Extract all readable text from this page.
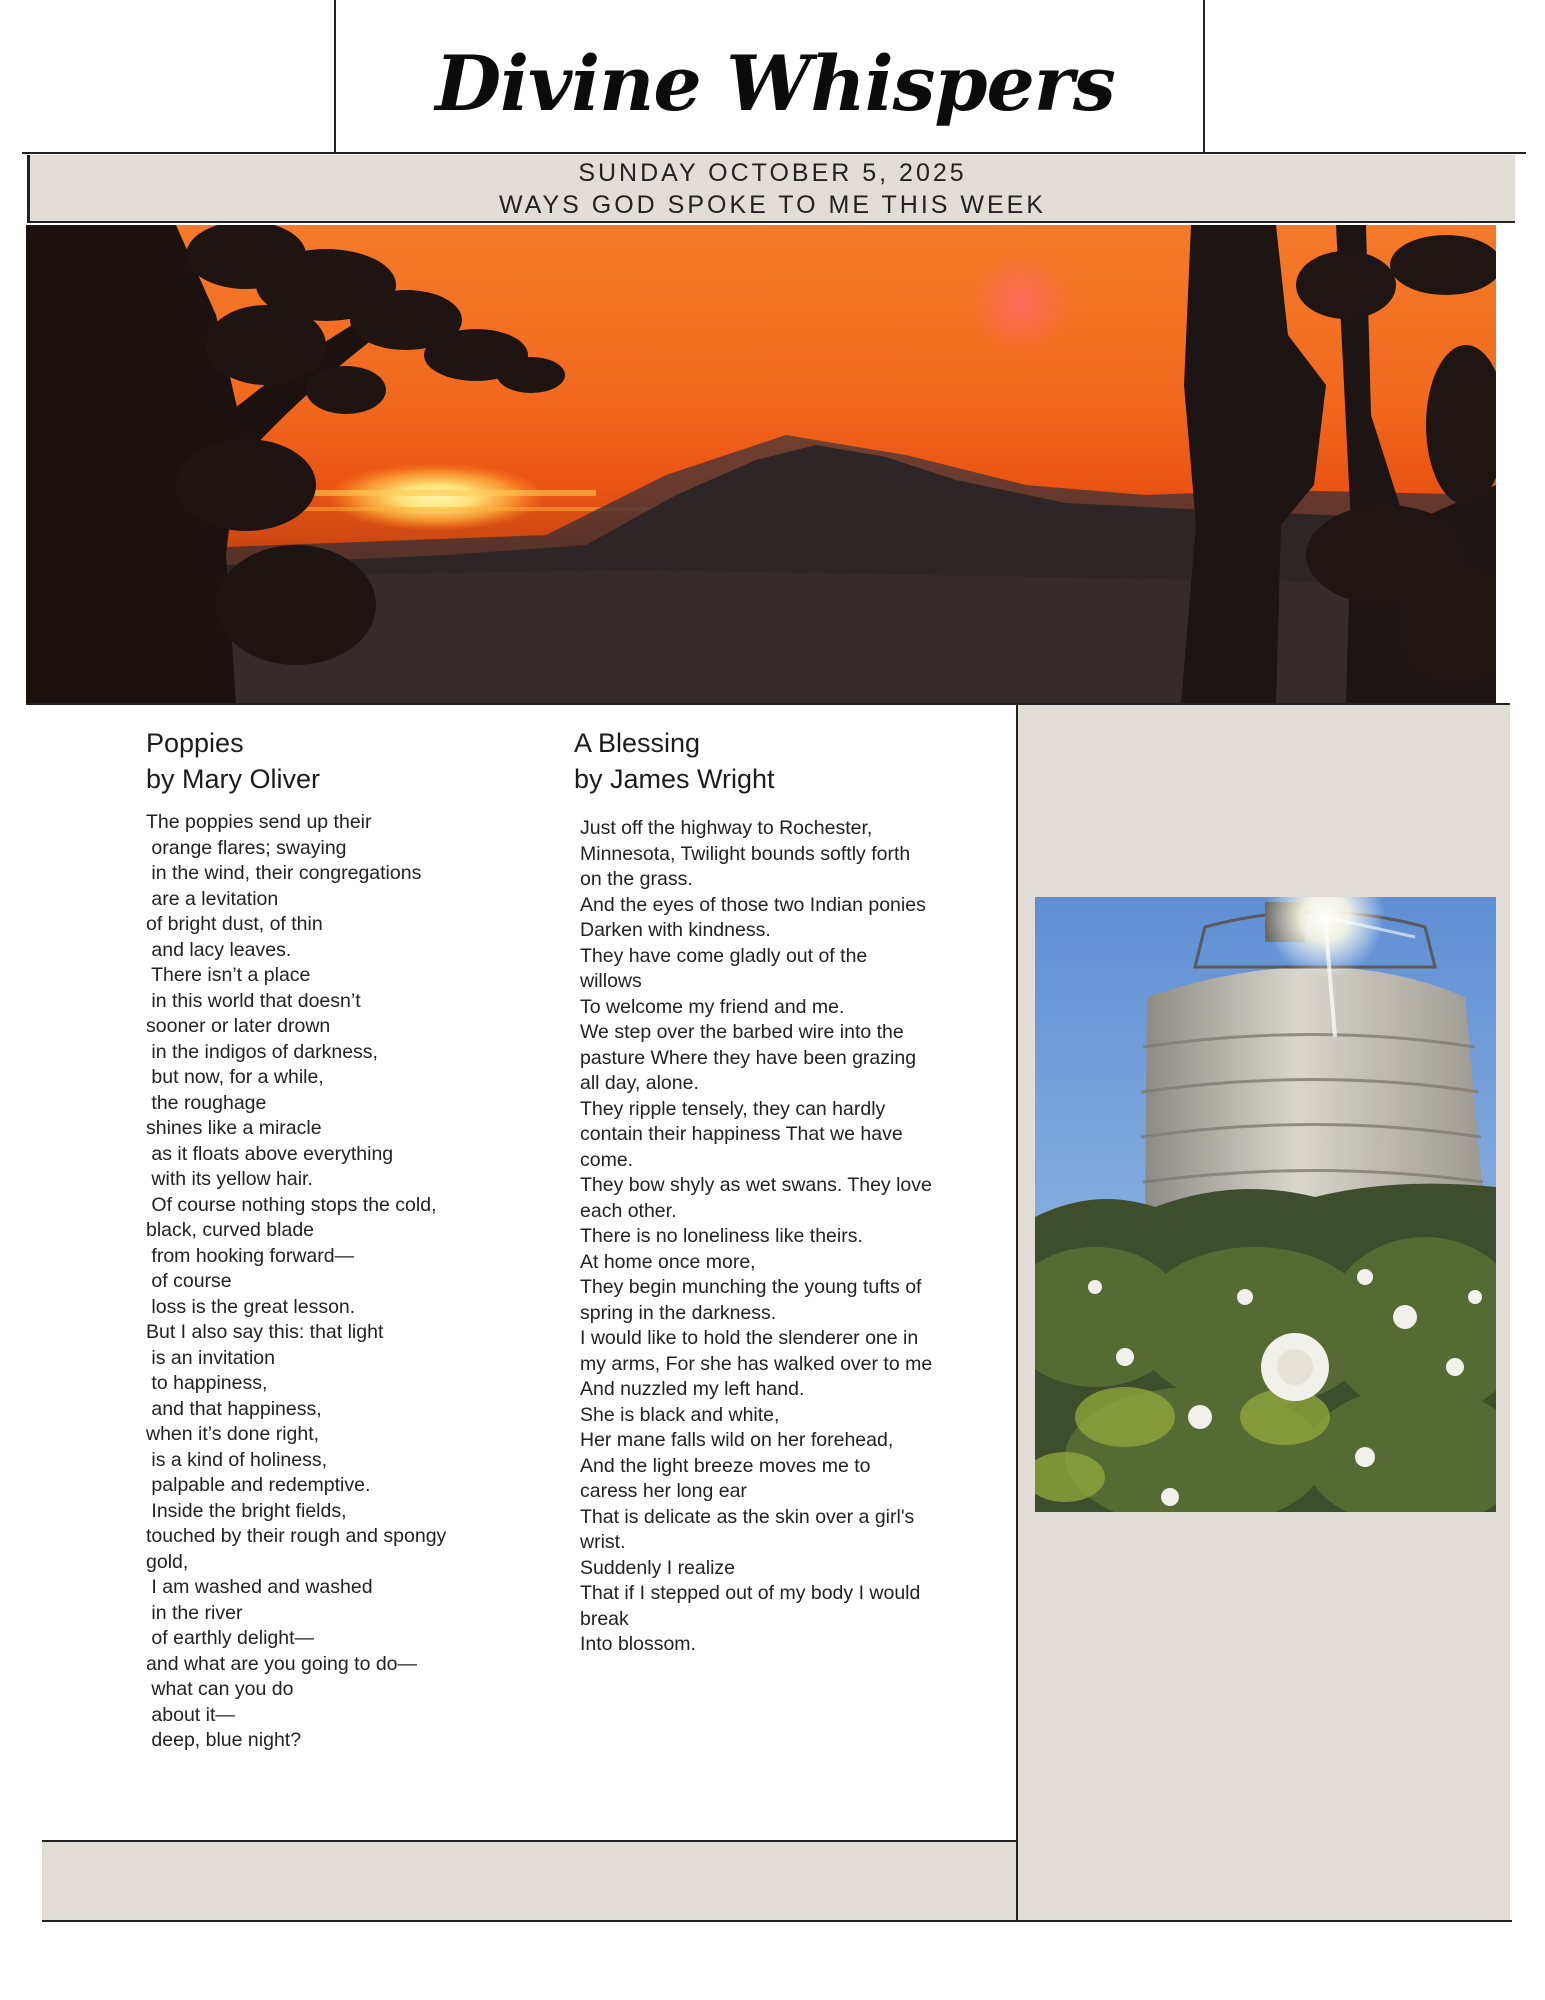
Divine Whispers
SUNDAY OCTOBER 5, 2025
WAYS GOD SPOKE TO ME THIS WEEK
Poppies
by Mary Oliver
The poppies send up their
orange flares; swaying
in the wind, their congregations
are a levitation
of bright dust, of thin
and lacy leaves.
There isn’t a place
in this world that doesn’t
sooner or later drown
in the indigos of darkness,
but now, for a while,
the roughage
shines like a miracle
as it floats above everything
with its yellow hair.
Of course nothing stops the cold,
black, curved blade
from hooking forward—
of course
loss is the great lesson.
But I also say this: that light
is an invitation
to happiness,
and that happiness,
when it’s done right,
is a kind of holiness,
palpable and redemptive.
Inside the bright fields,
touched by their rough and spongy
gold,
I am washed and washed
in the river
of earthly delight—
and what are you going to do—
what can you do
about it—
deep, blue night?
A Blessing
by James Wright
Just off the highway to Rochester,
Minnesota, Twilight bounds softly forth
on the grass.
And the eyes of those two Indian ponies
Darken with kindness.
They have come gladly out of the
willows
To welcome my friend and me.
We step over the barbed wire into the
pasture Where they have been grazing
all day, alone.
They ripple tensely, they can hardly
contain their happiness That we have
come.
They bow shyly as wet swans. They love
each other.
There is no loneliness like theirs.
At home once more,
They begin munching the young tufts of
spring in the darkness.
I would like to hold the slenderer one in
my arms, For she has walked over to me
And nuzzled my left hand.
She is black and white,
Her mane falls wild on her forehead,
And the light breeze moves me to
caress her long ear
That is delicate as the skin over a girl's
wrist.
Suddenly I realize
That if I stepped out of my body I would
break
Into blossom.
